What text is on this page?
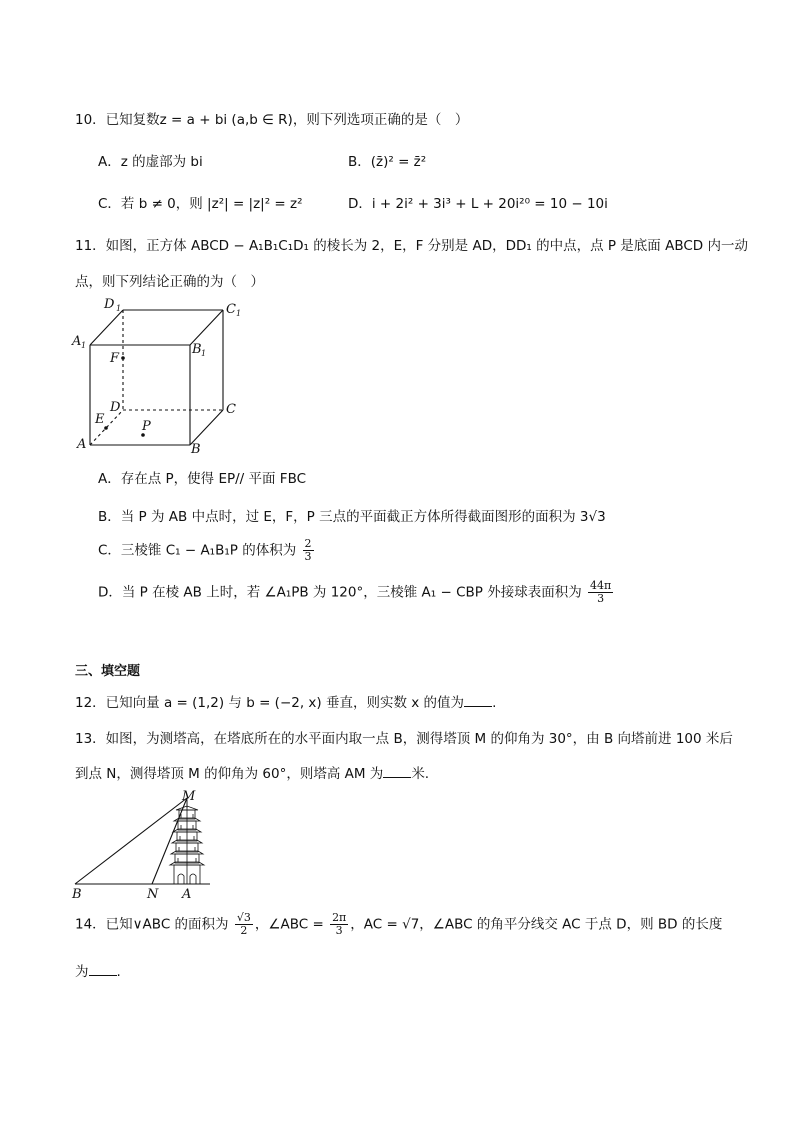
10．已知复数z = a + bi (a,b ∈ R)，则下列选项正确的是（　）
A．z 的虚部为 bi	B．(z̄)² = z̄²
C．若 b ≠ 0，则 |z²| = |z|² = z²	D．i + 2i² + 3i³ + L + 20i²⁰ = 10 − 10i
11．如图，正方体 ABCD − A₁B₁C₁D₁ 的棱长为 2，E，F 分别是 AD，DD₁ 的中点，点 P 是底面 ABCD 内一动
点，则下列结论正确的为（　）
D 1	C 1
A 1	B 1
F
D	C
E	P
A	B
A．存在点 P，使得 EP// 平面 FBC
B．当 P 为 AB 中点时，过 E，F，P 三点的平面截正方体所得截面图形的面积为 3√3
C．三棱锥 C₁ − A₁B₁P 的体积为 $\frac{2}{3}$
D．当 P 在棱 AB 上时，若 ∠A₁PB 为 120°，三棱锥 A₁ − CBP 外接球表面积为 $\frac{44\pi}{3}$
三、填空题
12．已知向量 a = (1,2) 与 b = (−2, x) 垂直，则实数 x 的值为 .
13．如图，为测塔高，在塔底所在的水平面内取一点 B，测得塔顶 M 的仰角为 30°，由 B 向塔前进 100 米后
到点 N，测得塔顶 M 的仰角为 60°，则塔高 AM 为 米.
M
B	N A
14．已知∨ABC 的面积为 $\frac{√3}{2}$ ，∠ABC = $\frac{2\pi}{3}$ ，AC = √7，∠ABC 的角平分线交 AC 于点 D，则 BD 的长度
为 .
